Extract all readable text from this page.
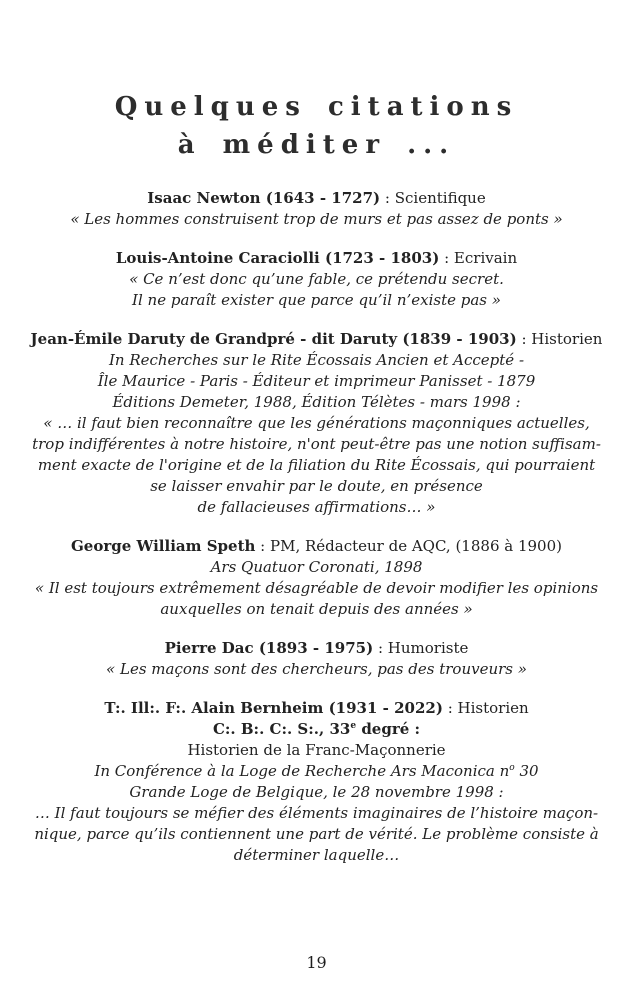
Quelques citations
à méditer ...

Isaac Newton (1643 - 1727) : Scientifique

« Les hommes construisent trop de murs et pas assez de ponts »

Louis-Antoine Caraciolli (1723 - 1803) : Ecrivain

« Ce n’est donc qu’une fable, ce prétendu secret.

Il ne paraît exister que parce qu’il n’existe pas »

Jean-Émile Daruty de Grandpré - dit Daruty (1839 - 1903) : Historien

In Recherches sur le Rite Écossais Ancien et Accepté -

Île Maurice - Paris - Éditeur et imprimeur Panisset - 1879

Éditions Demeter, 1988, Édition Télètes - mars 1998 :

« … il faut bien reconnaître que les générations maçonniques actuelles,

trop indifférentes à notre histoire, n'ont peut-être pas une notion suffisam-

ment exacte de l'origine et de la filiation du Rite Écossais, qui pourraient

se laisser envahir par le doute, en présence

de fallacieuses affirmations… »

George William Speth : PM, Rédacteur de AQC, (1886 à 1900)

Ars Quatuor Coronati, 1898

« Il est toujours extrêmement désagréable de devoir modifier les opinions

auxquelles on tenait depuis des années »

Pierre Dac (1893 - 1975) : Humoriste

« Les maçons sont des chercheurs, pas des trouveurs »

T:. Ill:. F:. Alain Bernheim (1931 - 2022) : Historien

C:. B:. C:. S:., 33e degré :

Historien de la Franc-Maçonnerie

In Conférence à la Loge de Recherche Ars Maconica $n^o$ 30

Grande Loge de Belgique, le 28 novembre 1998 :

… Il faut toujours se méfier des éléments imaginaires de l’histoire maçon-

nique, parce qu’ils contiennent une part de vérité. Le problème consiste à

déterminer laquelle…

19
